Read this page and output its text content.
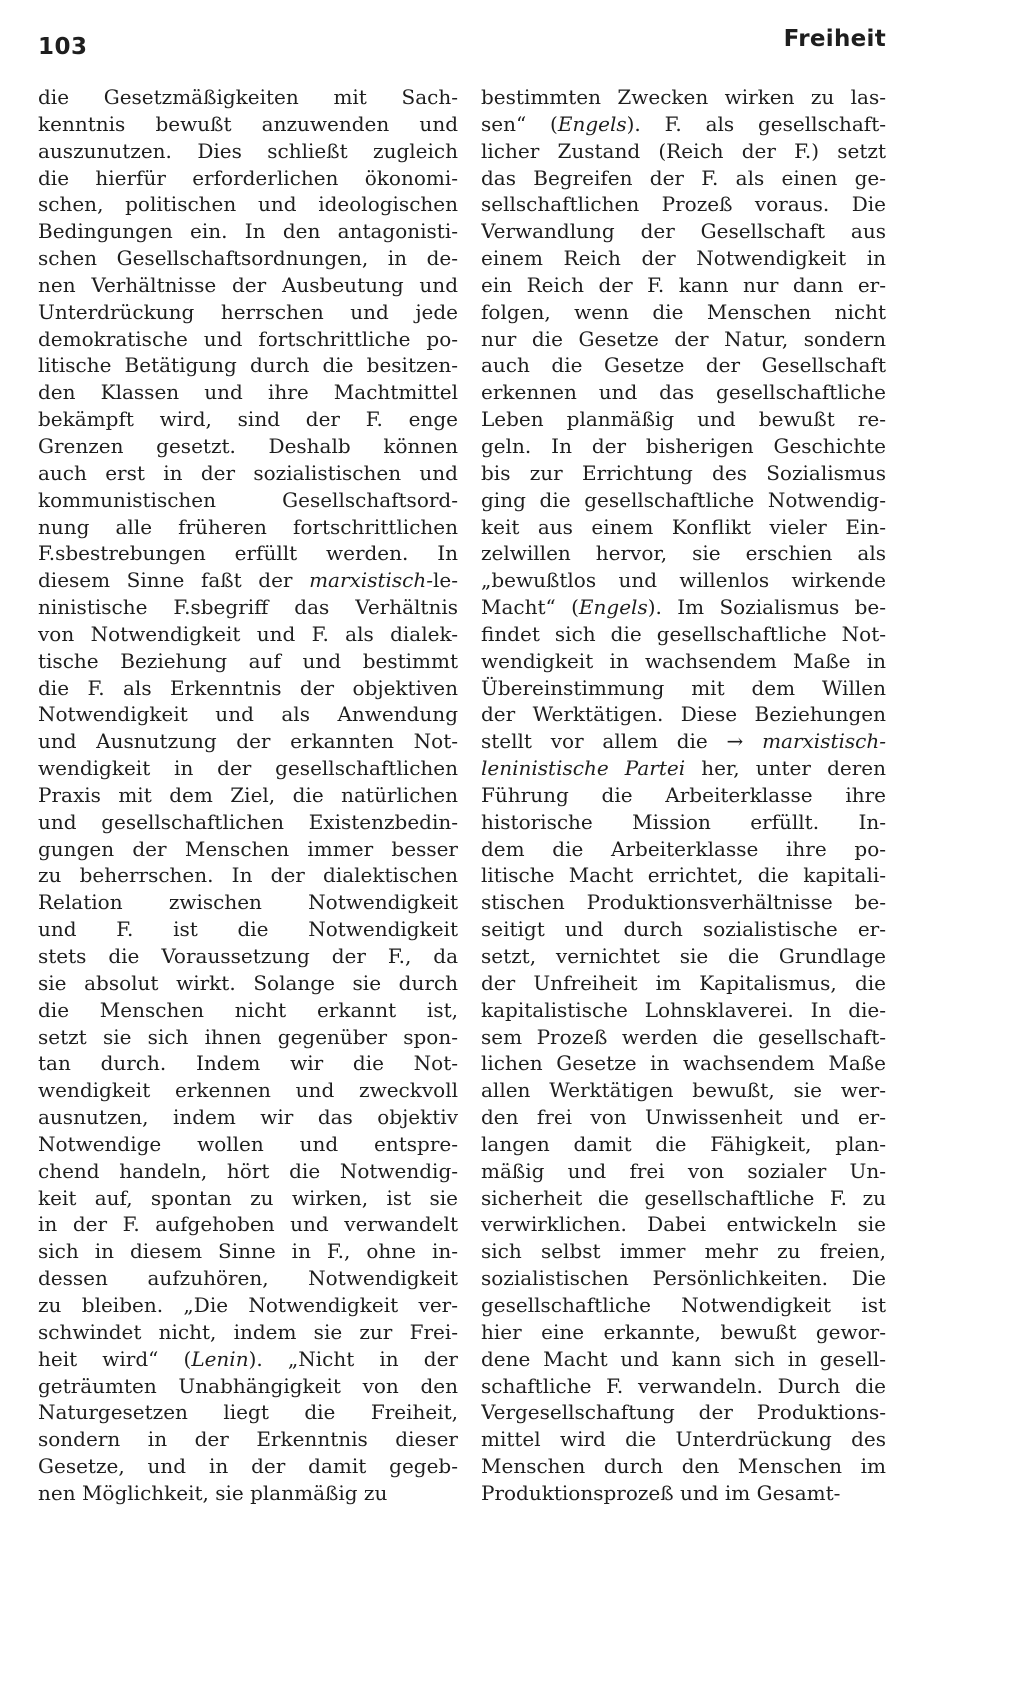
103	Freiheit
die Gesetzmäßigkeiten mit Sach-
kenntnis bewußt anzuwenden und
auszunutzen. Dies schließt zugleich
die hierfür erforderlichen ökonomi-
schen, politischen und ideologischen
Bedingungen ein. In den antagonisti-
schen Gesellschaftsordnungen, in de-
nen Verhältnisse der Ausbeutung und
Unterdrückung herrschen und jede
demokratische und fortschrittliche po-
litische Betätigung durch die besitzen-
den Klassen und ihre Machtmittel
bekämpft wird, sind der F. enge
Grenzen gesetzt. Deshalb können
auch erst in der sozialistischen und
kommunistischen Gesellschaftsord-
nung alle früheren fortschrittlichen
F.sbestrebungen erfüllt werden. In
diesem Sinne faßt der marxistisch-le-
ninistische F.sbegriff das Verhältnis
von Notwendigkeit und F. als dialek-
tische Beziehung auf und bestimmt
die F. als Erkenntnis der objektiven
Notwendigkeit und als Anwendung
und Ausnutzung der erkannten Not-
wendigkeit in der gesellschaftlichen
Praxis mit dem Ziel, die natürlichen
und gesellschaftlichen Existenzbedin-
gungen der Menschen immer besser
zu beherrschen. In der dialektischen
Relation zwischen Notwendigkeit
und F. ist die Notwendigkeit
stets die Voraussetzung der F., da
sie absolut wirkt. Solange sie durch
die Menschen nicht erkannt ist,
setzt sie sich ihnen gegenüber spon-
tan durch. Indem wir die Not-
wendigkeit erkennen und zweckvoll
ausnutzen, indem wir das objektiv
Notwendige wollen und entspre-
chend handeln, hört die Notwendig-
keit auf, spontan zu wirken, ist sie
in der F. aufgehoben und verwandelt
sich in diesem Sinne in F., ohne in-
dessen aufzuhören, Notwendigkeit
zu bleiben. „Die Notwendigkeit ver-
schwindet nicht, indem sie zur Frei-
heit wird“ (Lenin). „Nicht in der
geträumten Unabhängigkeit von den
Naturgesetzen liegt die Freiheit,
sondern in der Erkenntnis dieser
Gesetze, und in der damit gegeb-
nen Möglichkeit, sie planmäßig zu
bestimmten Zwecken wirken zu las-
sen“ (Engels). F. als gesellschaft-
licher Zustand (Reich der F.) setzt
das Begreifen der F. als einen ge-
sellschaftlichen Prozeß voraus. Die
Verwandlung der Gesellschaft aus
einem Reich der Notwendigkeit in
ein Reich der F. kann nur dann er-
folgen, wenn die Menschen nicht
nur die Gesetze der Natur, sondern
auch die Gesetze der Gesellschaft
erkennen und das gesellschaftliche
Leben planmäßig und bewußt re-
geln. In der bisherigen Geschichte
bis zur Errichtung des Sozialismus
ging die gesellschaftliche Notwendig-
keit aus einem Konflikt vieler Ein-
zelwillen hervor, sie erschien als
„bewußtlos und willenlos wirkende
Macht“ (Engels). Im Sozialismus be-
findet sich die gesellschaftliche Not-
wendigkeit in wachsendem Maße in
Übereinstimmung mit dem Willen
der Werktätigen. Diese Beziehungen
stellt vor allem die → marxistisch-
leninistische Partei her, unter deren
Führung die Arbeiterklasse ihre
historische Mission erfüllt. In-
dem die Arbeiterklasse ihre po-
litische Macht errichtet, die kapitali-
stischen Produktionsverhältnisse be-
seitigt und durch sozialistische er-
setzt, vernichtet sie die Grundlage
der Unfreiheit im Kapitalismus, die
kapitalistische Lohnsklaverei. In die-
sem Prozeß werden die gesellschaft-
lichen Gesetze in wachsendem Maße
allen Werktätigen bewußt, sie wer-
den frei von Unwissenheit und er-
langen damit die Fähigkeit, plan-
mäßig und frei von sozialer Un-
sicherheit die gesellschaftliche F. zu
verwirklichen. Dabei entwickeln sie
sich selbst immer mehr zu freien,
sozialistischen Persönlichkeiten. Die
gesellschaftliche Notwendigkeit ist
hier eine erkannte, bewußt gewor-
dene Macht und kann sich in gesell-
schaftliche F. verwandeln. Durch die
Vergesellschaftung der Produktions-
mittel wird die Unterdrückung des
Menschen durch den Menschen im
Produktionsprozeß und im Gesamt-
